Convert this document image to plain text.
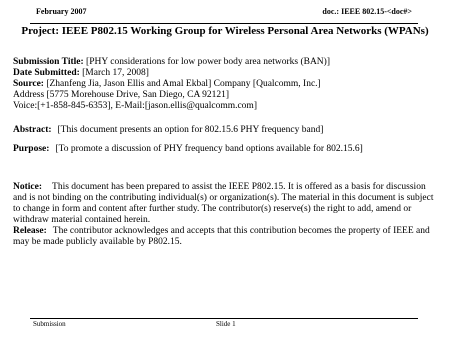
February 2007	doc.: IEEE 802.15-<doc#>
Project: IEEE P802.15 Working Group for Wireless Personal Area Networks (WPANs)
Submission Title: [PHY considerations for low power body area networks (BAN)]
Date Submitted: [March 17, 2008]
Source: [Zhanfeng Jia, Jason Ellis and Amal Ekbal] Company [Qualcomm, Inc.]
Address [5775 Morehouse Drive, San Diego, CA 92121]
Voice:[+1-858-845-6353], E-Mail:[jason.ellis@qualcomm.com]
Abstract: [This document presents an option for 802.15.6 PHY frequency band]
Purpose: [To promote a discussion of PHY frequency band options available for 802.15.6]
Notice: This document has been prepared to assist the IEEE P802.15. It is offered as a basis for discussion and is not binding on the contributing individual(s) or organization(s). The material in this document is subject to change in form and content after further study. The contributor(s) reserve(s) the right to add, amend or withdraw material contained herein.
Release: The contributor acknowledges and accepts that this contribution becomes the property of IEEE and may be made publicly available by P802.15.
Submission	Slide 1
